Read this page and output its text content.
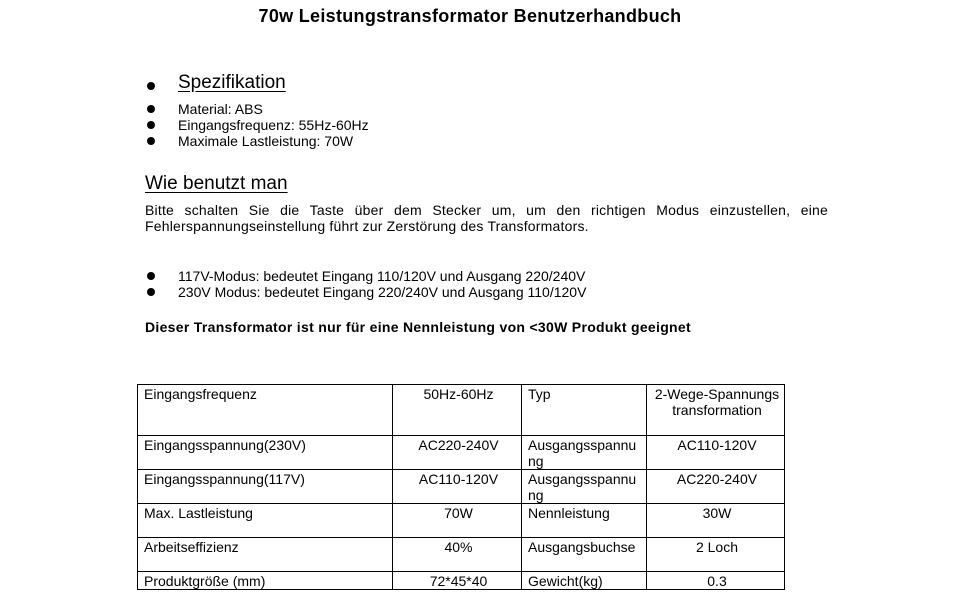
70w Leistungstransformator Benutzerhandbuch
Spezifikation
Material: ABS
Eingangsfrequenz: 55Hz-60Hz
Maximale Lastleistung: 70W
Wie benutzt man
Bitte schalten Sie die Taste über dem Stecker um, um den richtigen Modus einzustellen, eine Fehlerspannungseinstellung führt zur Zerstörung des Transformators.
117V-Modus: bedeutet Eingang 110/120V und Ausgang 220/240V
230V Modus: bedeutet Eingang 220/240V und Ausgang 110/120V
Dieser Transformator ist nur für eine Nennleistung von <30W Produkt geeignet
Eingangsfrequenz	50Hz-60Hz	Typ	2-Wege-Spannungstransformation
Eingangsspannung(230V)	AC220-240V	Ausgangsspannung	AC110-120V
Eingangsspannung(117V)	AC110-120V	Ausgangsspannung	AC220-240V
Max. Lastleistung	70W	Nennleistung	30W
Arbeitseffizienz	40%	Ausgangsbuchse	2 Loch
Produktgröße (mm)	72*45*40	Gewicht(kg)	0.3
